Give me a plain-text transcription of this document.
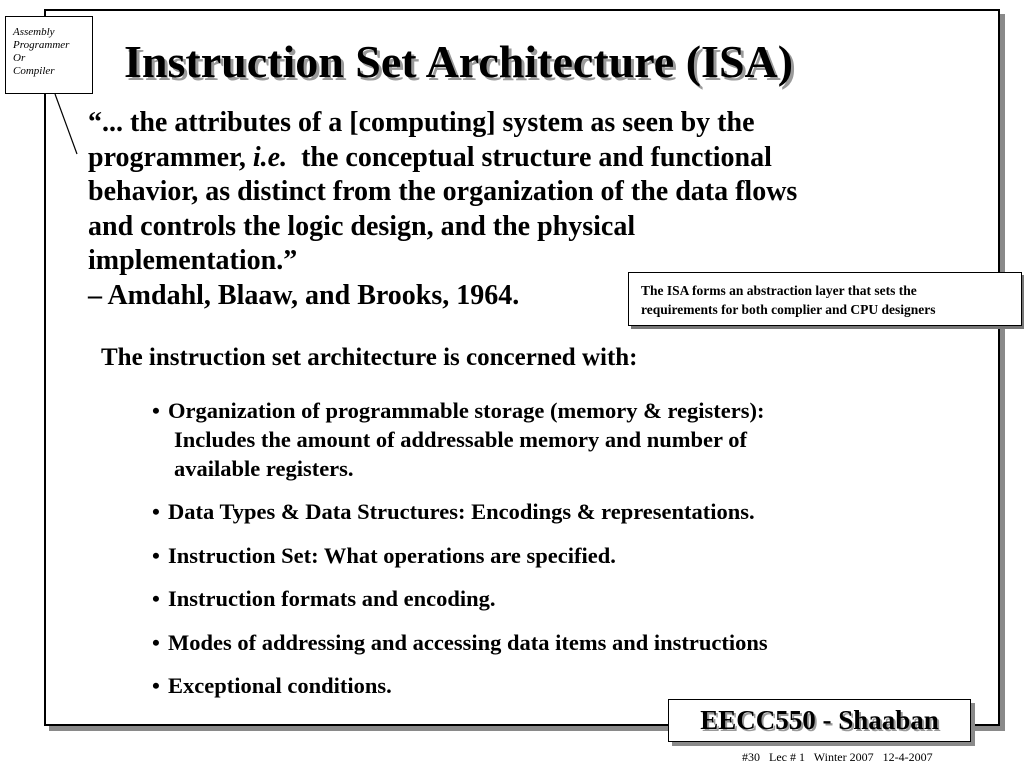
Assembly
Programmer
Or
Compiler	Instruction Set Architecture (ISA)
“... the attributes of a [computing] system as seen by the
programmer, i.e. the conceptual structure and functional
behavior, as distinct from the organization of the data flows
and controls the logic design, and the physical
implementation.”
– Amdahl, Blaaw, and Brooks, 1964.	The ISA forms an abstraction layer that sets the
requirements for both complier and CPU designers
The instruction set architecture is concerned with:
• Organization of programmable storage (memory & registers):
Includes the amount of addressable memory and number of
available registers.
• Data Types & Data Structures: Encodings & representations.
• Instruction Set: What operations are specified.
• Instruction formats and encoding.
• Modes of addressing and accessing data items and instructions
• Exceptional conditions.
EECC550 - Shaaban
#30 Lec # 1 Winter 2007 12-4-2007
